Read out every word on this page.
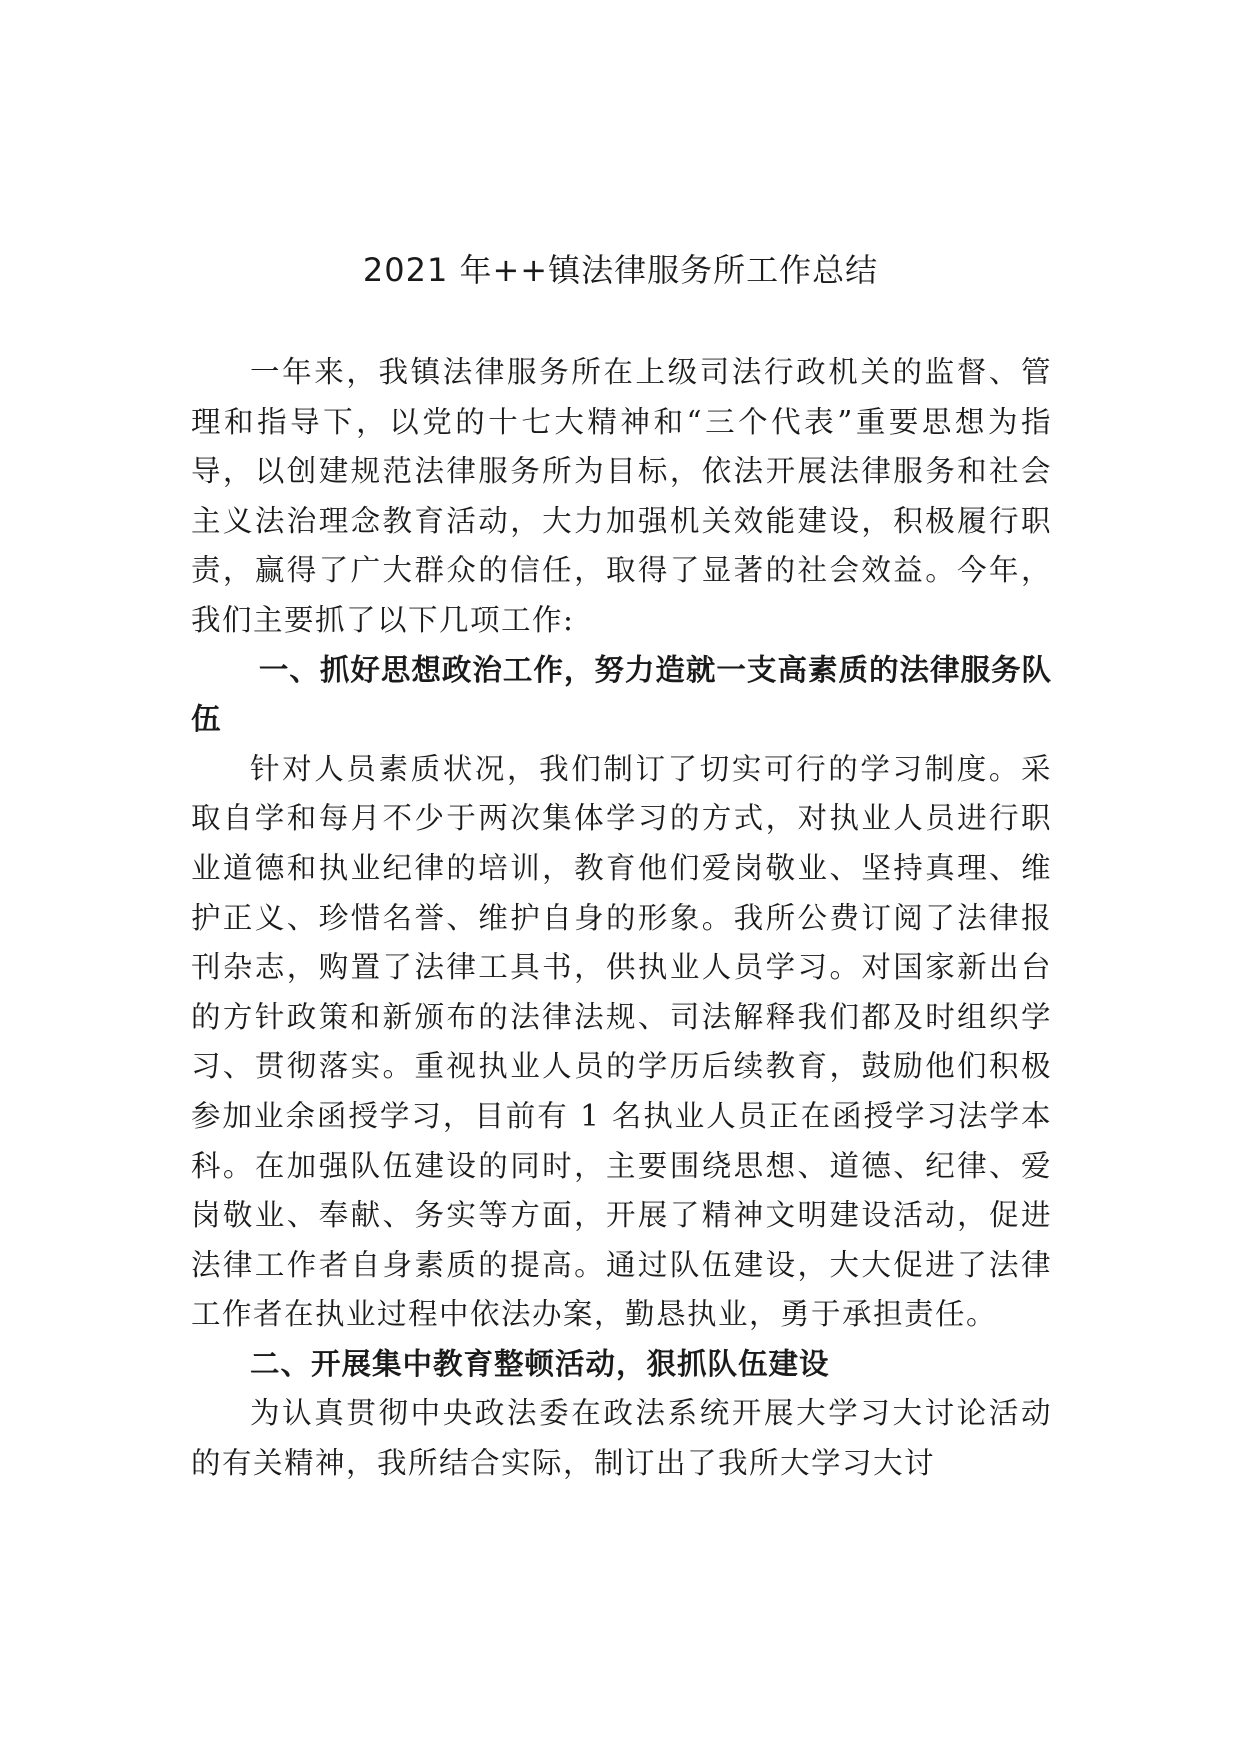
2021 年++镇法律服务所工作总结

一年来，我镇法律服务所在上级司法行政机关的监督、管理和指导下，以党的十七大精神和“三个代表”重要思想为指导，以创建规范法律服务所为目标，依法开展法律服务和社会主义法治理念教育活动，大力加强机关效能建设，积极履行职责，赢得了广大群众的信任，取得了显著的社会效益。今年，我们主要抓了以下几项工作:

一、抓好思想政治工作，努力造就一支高素质的法律服务队伍

针对人员素质状况，我们制订了切实可行的学习制度。采取自学和每月不少于两次集体学习的方式，对执业人员进行职业道德和执业纪律的培训，教育他们爱岗敬业、坚持真理、维护正义、珍惜名誉、维护自身的形象。我所公费订阅了法律报刊杂志，购置了法律工具书，供执业人员学习。对国家新出台的方针政策和新颁布的法律法规、司法解释我们都及时组织学习、贯彻落实。重视执业人员的学历后续教育，鼓励他们积极参加业余函授学习，目前有 1 名执业人员正在函授学习法学本科。在加强队伍建设的同时，主要围绕思想、道德、纪律、爱岗敬业、奉献、务实等方面，开展了精神文明建设活动，促进法律工作者自身素质的提高。通过队伍建设，大大促进了法律工作者在执业过程中依法办案，勤恳执业，勇于承担责任。

二、开展集中教育整顿活动，狠抓队伍建设

为认真贯彻中央政法委在政法系统开展大学习大讨论活动的有关精神，我所结合实际，制订出了我所大学习大讨
